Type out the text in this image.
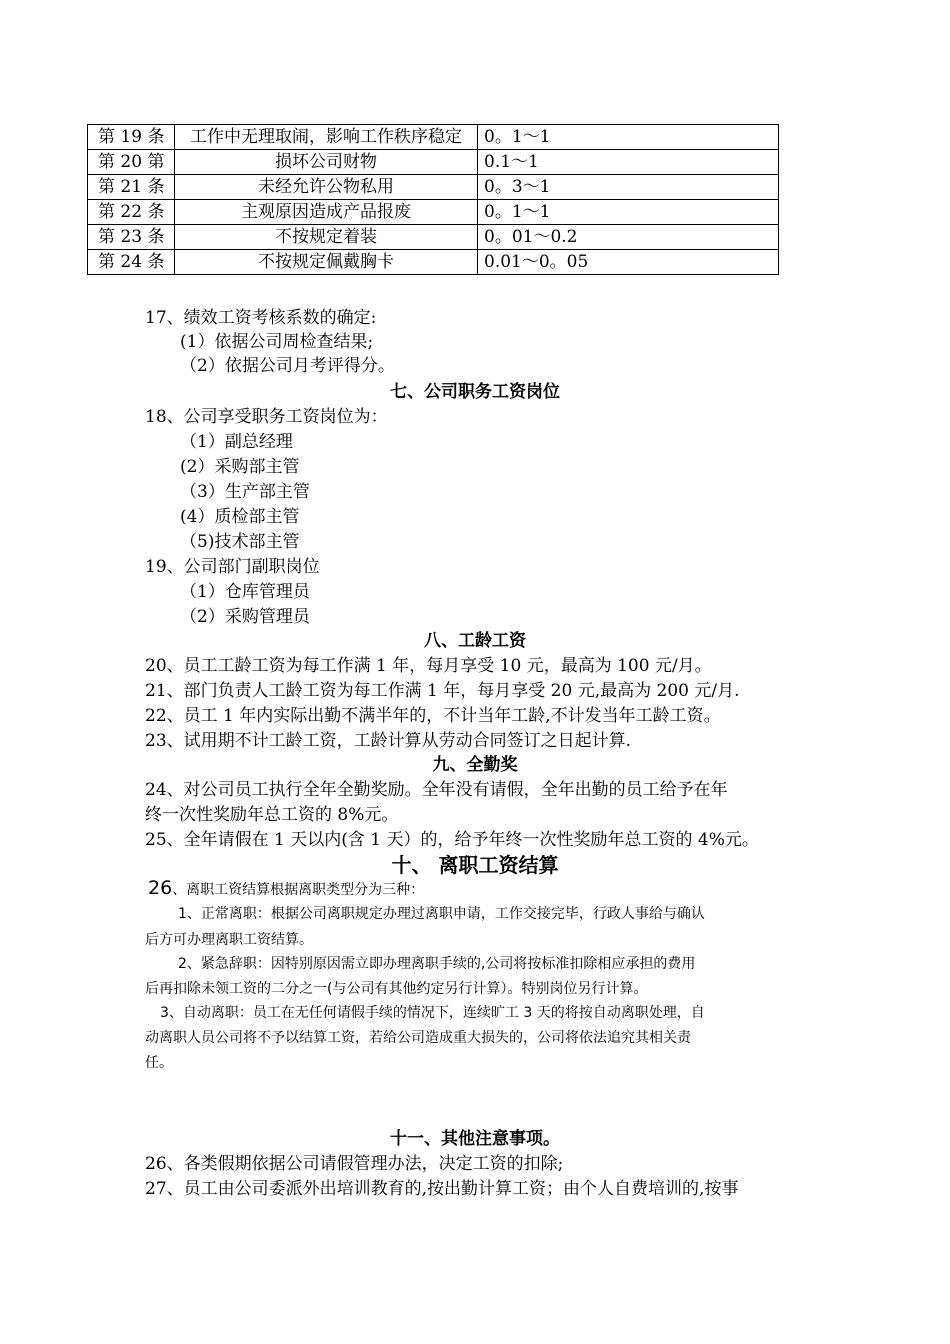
第 19 条	工作中无理取闹，影响工作秩序稳定	0。1～1
第 20 第	损坏公司财物	0.1～1
第 21 条	未经允许公物私用	0。3～1
第 22 条	主观原因造成产品报废	0。1～1
第 23 条	不按规定着装	0。01～0.2
第 24 条	不按规定佩戴胸卡	0.01～0。05
17、绩效工资考核系数的确定:
(1）依据公司周检查结果;
（2）依据公司月考评得分。
七、公司职务工资岗位
18、公司享受职务工资岗位为：
（1）副总经理
(2）采购部主管
（3）生产部主管
(4）质检部主管
（5)技术部主管
19、公司部门副职岗位
（1）仓库管理员
（2）采购管理员
八、工龄工资
20、员工工龄工资为每工作满 1 年，每月享受 10 元，最高为 100 元/月。
21、部门负责人工龄工资为每工作满 1 年，每月享受 20 元,最高为 200 元/月.
22、员工 1 年内实际出勤不满半年的，不计当年工龄,不计发当年工龄工资。
23、试用期不计工龄工资，工龄计算从劳动合同签订之日起计算.
九、全勤奖
24、对公司员工执行全年全勤奖励。全年没有请假，全年出勤的员工给予在年
终一次性奖励年总工资的 8%元。
25、全年请假在 1 天以内(含 1 天）的，给予年终一次性奖励年总工资的 4%元。
十、 离职工资结算
26、离职工资结算根据离职类型分为三种：
1、正常离职：根据公司离职规定办理过离职申请，工作交接完毕，行政人事给与确认
后方可办理离职工资结算。
2、紧急辞职：因特别原因需立即办理离职手续的,公司将按标准扣除相应承担的费用
后再扣除未领工资的二分之一(与公司有其他约定另行计算）。特别岗位另行计算。
3、自动离职：员工在无任何请假手续的情况下，连续旷工 3 天的将按自动离职处理，自
动离职人员公司将不予以结算工资，若给公司造成重大损失的，公司将依法追究其相关责
任。
十一、其他注意事项。
26、各类假期依据公司请假管理办法，决定工资的扣除;
27、员工由公司委派外出培训教育的,按出勤计算工资；由个人自费培训的,按事
